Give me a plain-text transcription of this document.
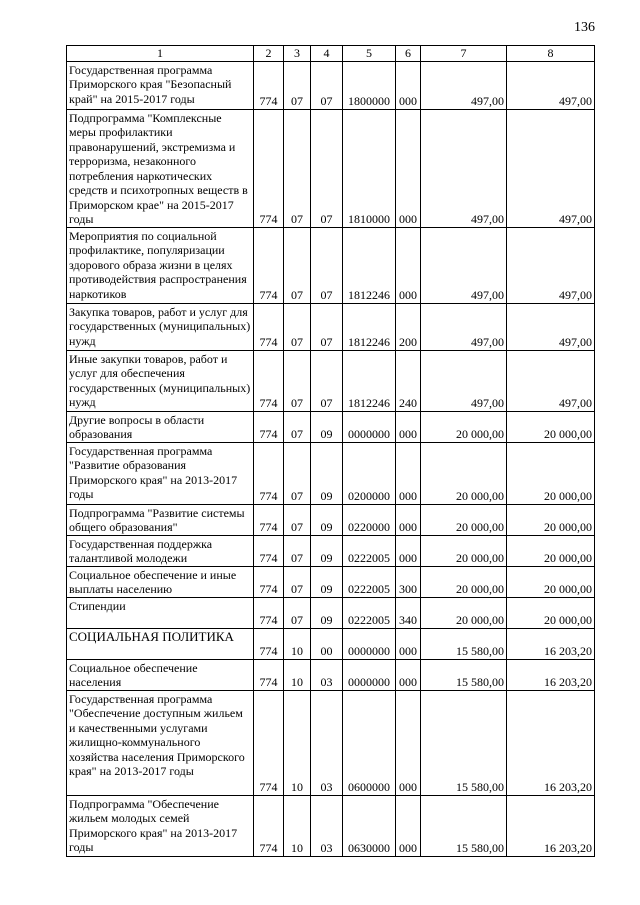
136
1	2	3	4	5	6	7	8
Государственная программа Приморского края "Безопасный край" на 2015-2017 годы	774	07	07	1800000	000	497,00	497,00
Подпрограмма "Комплексные меры профилактики правонарушений, экстремизма и терроризма, незаконного потребления наркотических средств и психотропных веществ в Приморском крае" на 2015-2017 годы	774	07	07	1810000	000	497,00	497,00
Мероприятия по социальной профилактике, популяризации здорового образа жизни в целях противодействия распространения наркотиков	774	07	07	1812246	000	497,00	497,00
Закупка товаров, работ и услуг для государственных (муниципальных) нужд	774	07	07	1812246	200	497,00	497,00
Иные закупки товаров, работ и услуг для обеспечения государственных (муниципальных) нужд	774	07	07	1812246	240	497,00	497,00
Другие вопросы в области образования	774	07	09	0000000	000	20 000,00	20 000,00
Государственная программа "Развитие образования Приморского края" на 2013-2017 годы	774	07	09	0200000	000	20 000,00	20 000,00
Подпрограмма "Развитие системы общего образования"	774	07	09	0220000	000	20 000,00	20 000,00
Государственная поддержка талантливой молодежи	774	07	09	0222005	000	20 000,00	20 000,00
Социальное обеспечение и иные выплаты населению	774	07	09	0222005	300	20 000,00	20 000,00
Стипендии	774	07	09	0222005	340	20 000,00	20 000,00
СОЦИАЛЬНАЯ ПОЛИТИКА	774	10	00	0000000	000	15 580,00	16 203,20
Социальное обеспечение населения	774	10	03	0000000	000	15 580,00	16 203,20
Государственная программа "Обеспечение доступным жильем и качественными услугами жилищно-коммунального хозяйства населения Приморского края" на 2013-2017 годы	774	10	03	0600000	000	15 580,00	16 203,20
Подпрограмма "Обеспечение жильем молодых семей Приморского края" на 2013-2017 годы	774	10	03	0630000	000	15 580,00	16 203,20
